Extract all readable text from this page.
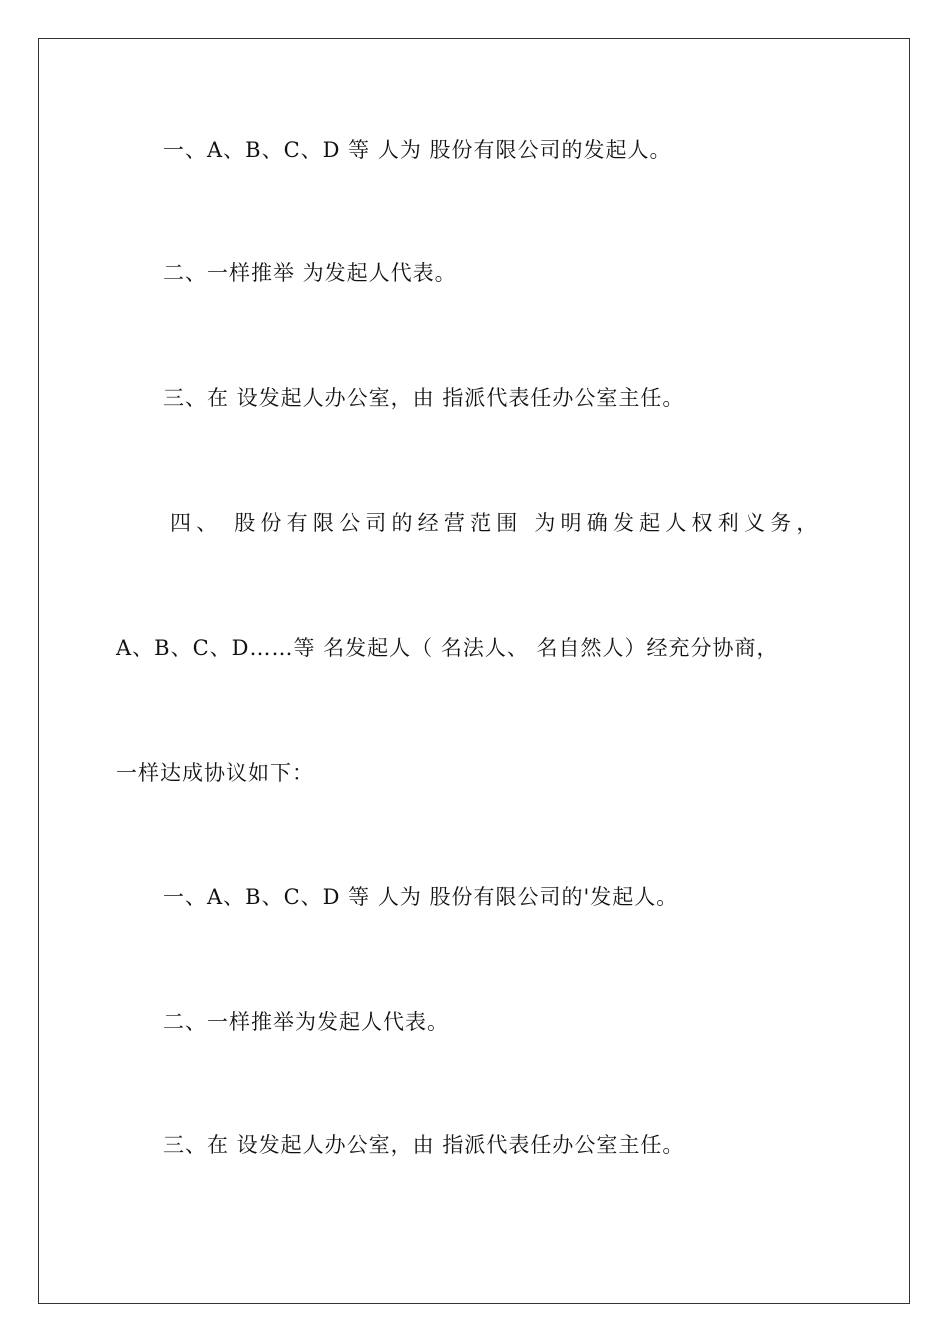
一、A、B、C、D 等 人为 股份有限公司的发起人。
二、一样推举 为发起人代表。
三、在 设发起人办公室，由 指派代表任办公室主任。
四、 股份有限公司的经营范围 为明确发起人权利义务，
A、B、C、D……等 名发起人（ 名法人、 名自然人）经充分协商，
一样达成协议如下：
一、A、B、C、D 等 人为 股份有限公司的'发起人。
二、一样推举为发起人代表。
三、在 设发起人办公室，由 指派代表任办公室主任。
